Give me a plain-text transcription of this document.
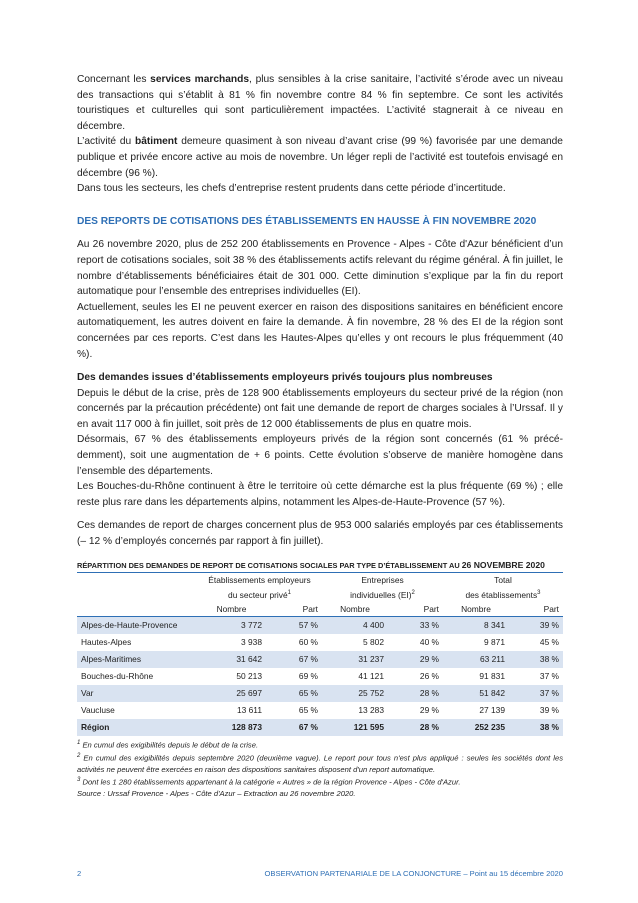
Concernant les services marchands, plus sensibles à la crise sanitaire, l’activité s’érode avec un niveau des transactions qui s’établit à 81 % fin novembre contre 84 % fin septembre. Ce sont les activités touristiques et culturelles qui sont particulièrement impactées. L’activité stagnerait à ce niveau en décembre.

L’activité du bâtiment demeure quasiment à son niveau d’avant crise (99 %) favorisée par une demande publique et privée encore active au mois de novembre. Un léger repli de l’activité est toutefois envisagé en décembre (96 %).

Dans tous les secteurs, les chefs d’entreprise restent prudents dans cette période d’incertitude.

DES REPORTS DE COTISATIONS DES ÉTABLISSEMENTS EN HAUSSE À FIN NOVEMBRE 2020

Au 26 novembre 2020, plus de 252 200 établissements en Provence - Alpes - Côte d'Azur bénéficient d’un report de cotisations sociales, soit 38 % des établissements actifs relevant du régime général. À fin juillet, le nombre d’établissements bénéficiaires était de 301 000. Cette diminution s’explique par la fin du report automatique pour l’ensemble des entreprises individuelles (EI).

Actuellement, seules les EI ne peuvent exercer en raison des dispositions sanitaires en bénéficient encore automatiquement, les autres doivent en faire la demande. À fin novembre, 28 % des EI de la région sont concernées par ces reports. C’est dans les Hautes-Alpes qu’elles y ont recours le plus fréquemment (40 %).

Des demandes issues d’établissements employeurs privés toujours plus nombreuses

Depuis le début de la crise, près de 128 900 établissements employeurs du secteur privé de la région (non concernés par la précaution précédente) ont fait une demande de report de charges sociales à l’Urssaf. Il y en avait 117 000 à fin juillet, soit près de 12 000 établissements de plus en quatre mois.

Désormais, 67 % des établissements employeurs privés de la région sont concernés (61 % précé-demment), soit une augmentation de + 6 points. Cette évolution s’observe de manière homogène dans l’ensemble des départements.

Les Bouches-du-Rhône continuent à être le territoire où cette démarche est la plus fréquente (69 %) ; elle reste plus rare dans les départements alpins, notamment les Alpes-de-Haute-Provence (57 %).

Ces demandes de report de charges concernent plus de 953 000 salariés employés par ces établissements (– 12 % d’employés concernés par rapport à fin juillet).

RÉPARTITION DES DEMANDES DE REPORT DE COTISATIONS SOCIALES PAR TYPE D’ÉTABLISSEMENT AU 26 NOVEMBRE 2020
	Établissements employeurs		Entreprises		Total	
	du secteur privé$^1$		individuelles (EI)$^2$		des établissements$^3$
	Nombre	Part	Nombre	Part	Nombre	Part
Alpes-de-Haute-Provence	3 772	57 %	4 400	33 %	8 341	39 %
Hautes-Alpes	3 938	60 %	5 802	40 %	9 871	45 %
Alpes-Maritimes	31 642	67 %	31 237	29 %	63 211	38 %
Bouches-du-Rhône	50 213	69 %	41 121	26 %	91 831	37 %
Var	25 697	65 %	25 752	28 %	51 842	37 %
Vaucluse	13 611	65 %	13 283	29 %	27 139	39 %
Région	128 873	67 %	121 595	28 %	252 235	38 %
$^1$ En cumul des exigibilités depuis le début de la crise.
$^2$ En cumul des exigibilités depuis septembre 2020 (deuxième vague). Le report pour tous n'est plus appliqué : seules les sociétés dont les activités ne peuvent être exercées en raison des dispositions sanitaires disposent d'un report automatique.
$^3$ Dont les 1 280 établissements appartenant à la catégorie « Autres » de la région Provence - Alpes - Côte d'Azur.
Source : Urssaf Provence - Alpes - Côte d'Azur – Extraction au 26 novembre 2020.
2	OBSERVATION PARTENARIALE DE LA CONJONCTURE – Point au 15 décembre 2020
